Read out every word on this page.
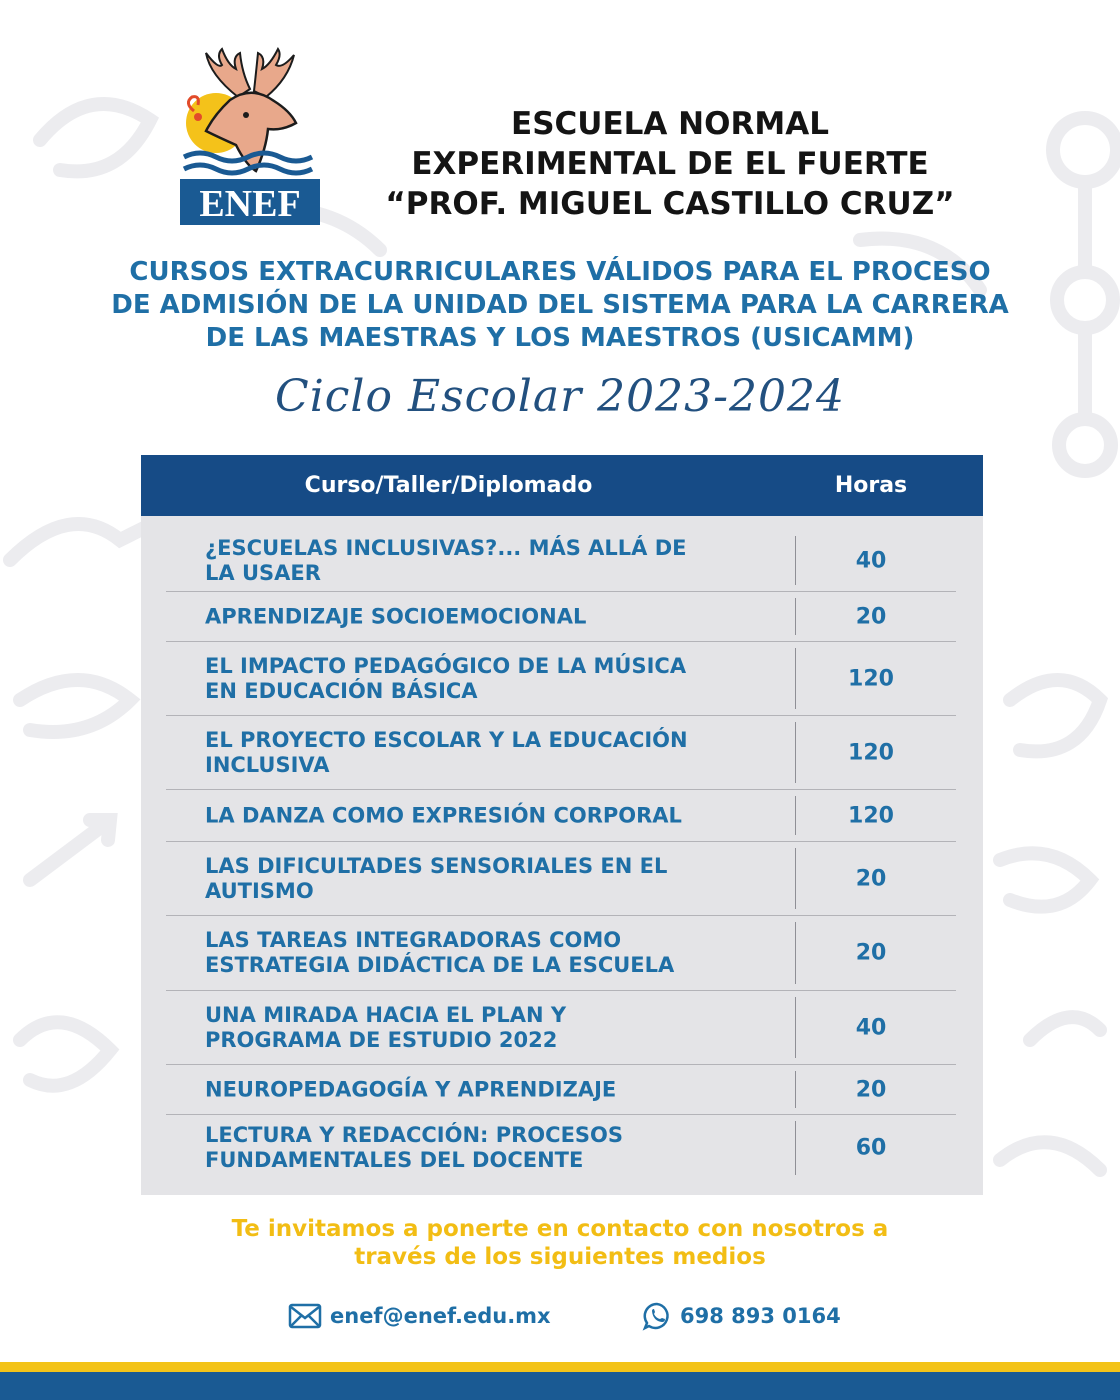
ENEF
ESCUELA NORMAL
EXPERIMENTAL DE EL FUERTE
“PROF. MIGUEL CASTILLO CRUZ”
CURSOS EXTRACURRICULARES VÁLIDOS PARA EL PROCESO
DE ADMISIÓN DE LA UNIDAD DEL SISTEMA PARA LA CARRERA
DE LAS MAESTRAS Y LOS MAESTROS (USICAMM)
Ciclo Escolar 2023-2024
Curso/Taller/Diplomado	Horas
¿ESCUELAS INCLUSIVAS?... MÁS ALLÁ DE
LA USAER	40
APRENDIZAJE SOCIOEMOCIONAL	20
EL IMPACTO PEDAGÓGICO DE LA MÚSICA
EN EDUCACIÓN BÁSICA	120
EL PROYECTO ESCOLAR Y LA EDUCACIÓN
INCLUSIVA	120
LA DANZA COMO EXPRESIÓN CORPORAL	120
LAS DIFICULTADES SENSORIALES EN EL
AUTISMO	20
LAS TAREAS INTEGRADORAS COMO
ESTRATEGIA DIDÁCTICA DE LA ESCUELA	20
UNA MIRADA HACIA EL PLAN Y
PROGRAMA DE ESTUDIO 2022	40
NEUROPEDAGOGÍA Y APRENDIZAJE	20
LECTURA Y REDACCIÓN: PROCESOS
FUNDAMENTALES DEL DOCENTE	60
Te invitamos a ponerte en contacto con nosotros a
través de los siguientes medios
enef@enef.edu.mx	698 893 0164
